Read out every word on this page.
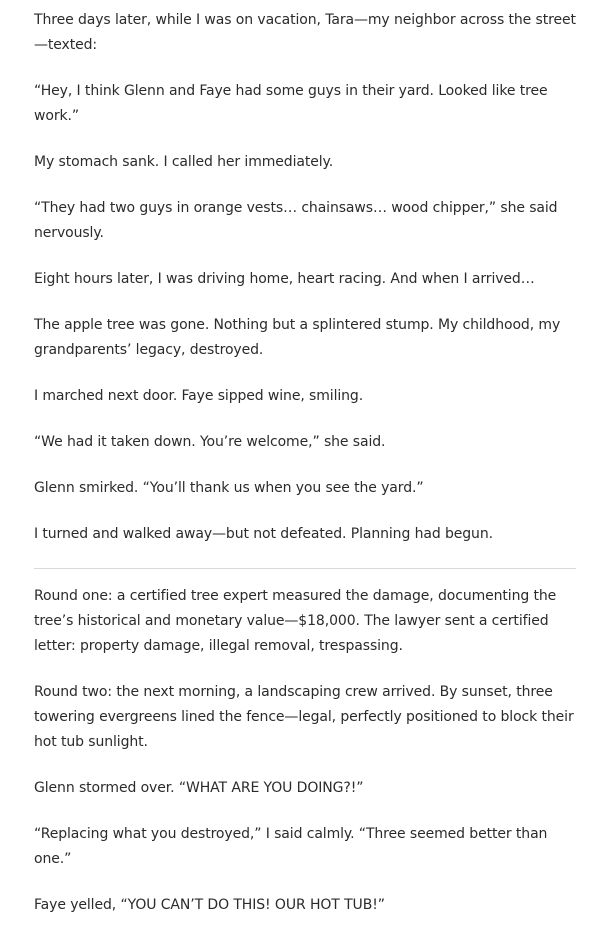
Three days later, while I was on vacation, Tara—my neighbor across the street—texted:

“Hey, I think Glenn and Faye had some guys in their yard. Looked like tree work.”

My stomach sank. I called her immediately.

“They had two guys in orange vests… chainsaws… wood chipper,” she said nervously.

Eight hours later, I was driving home, heart racing. And when I arrived…

The apple tree was gone. Nothing but a splintered stump. My childhood, my grandparents’ legacy, destroyed.

I marched next door. Faye sipped wine, smiling.

“We had it taken down. You’re welcome,” she said.

Glenn smirked. “You’ll thank us when you see the yard.”

I turned and walked away—but not defeated. Planning had begun.

Round one: a certified tree expert measured the damage, documenting the tree’s historical and monetary value—$18,000. The lawyer sent a certified letter: property damage, illegal removal, trespassing.

Round two: the next morning, a landscaping crew arrived. By sunset, three towering evergreens lined the fence—legal, perfectly positioned to block their hot tub sunlight.

Glenn stormed over. “WHAT ARE YOU DOING?!”

“Replacing what you destroyed,” I said calmly. “Three seemed better than one.”

Faye yelled, “YOU CAN’T DO THIS! OUR HOT TUB!”
